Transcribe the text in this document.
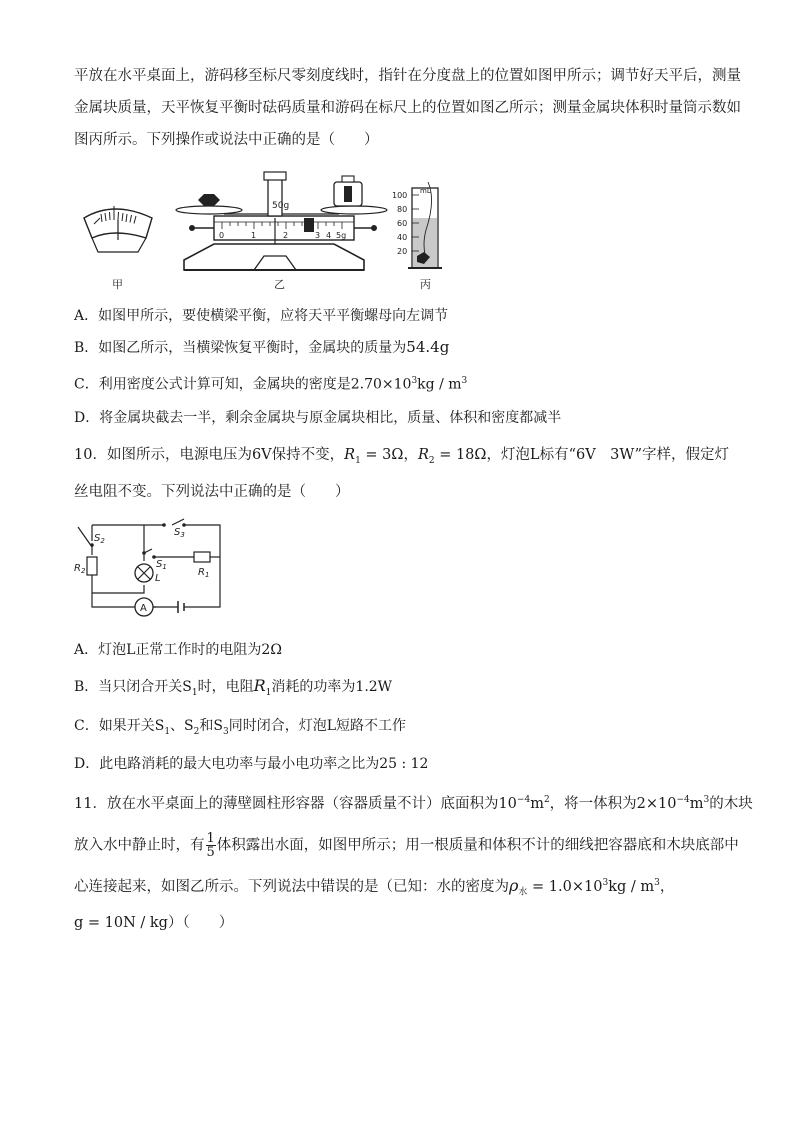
平放在水平桌面上，游码移至标尺零刻度线时，指针在分度盘上的位置如图甲所示；调节好天平后，测量
金属块质量，天平恢复平衡时砝码质量和游码在标尺上的位置如图乙所示；测量金属块体积时量筒示数如
图丙所示。下列操作或说法中正确的是（　　）
甲
50g
0	1	2	3 4 5g
乙
mL
100
80
60
40
20
丙
A．如图甲所示，要使横梁平衡，应将天平平衡螺母向左调节
B．如图乙所示，当横梁恢复平衡时，金属块的质量为54.4g
C．利用密度公式计算可知，金属块的密度是$2.70\times 10^3kg / m^3$
D．将金属块截去一半，剩余金属块与原金属块相比，质量、体积和密度都减半
10．如图所示，电源电压为6V保持不变，$R_1 = 3\Omega$，$R_2 = 18\Omega$，灯泡L标有“6V　3W”字样，假定灯
丝电阻不变。下列说法中正确的是（　　）
A
$S_2$
$S_3$
$S_1$	$R_1$
$R_2$
L
A．灯泡L正常工作时的电阻为2Ω
B．当只闭合开关$S_1$时，电阻$R_1$消耗的功率为1.2W
C．如果开关$S_1$、$S_2$和$S_3$同时闭合，灯泡L短路不工作
D．此电路消耗的最大电功率与最小电功率之比为25 : 12
11．放在水平桌面上的薄壁圆柱形容器（容器质量不计）底面积为$10^{-4}m^2$，将一体积为$2\times 10^{-4}m^3$的木块
放入水中静止时，有 $\frac{1}{5}$ 体积露出水面，如图甲所示；用一根质量和体积不计的细线把容器底和木块底部中
心连接起来，如图乙所示。下列说法中错误的是（已知：水的密度为$\rho_水 = 1.0\times 10^3kg / m^3$，
g = 10N / kg）（　　）
